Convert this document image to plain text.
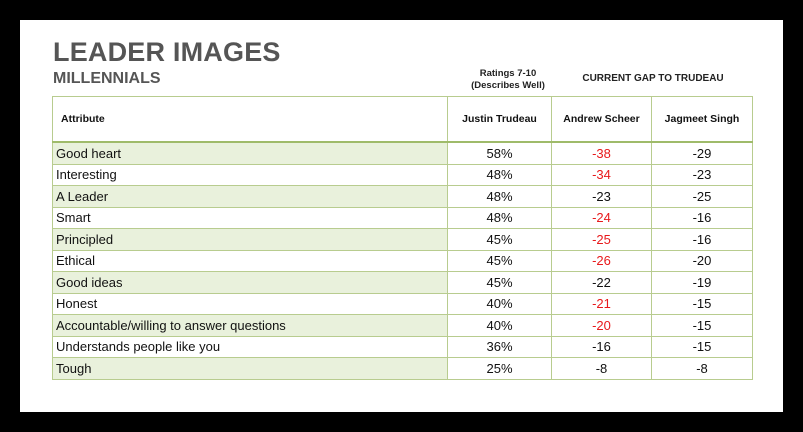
LEADER IMAGES
MILLENNIALS	Ratings 7-10
(Describes Well)
CURRENT GAP TO TRUDEAU
Attribute	Justin Trudeau	Andrew Scheer	Jagmeet Singh
Good heart	58%	-38	-29
Interesting	48%	-34	-23
A Leader	48%	-23	-25
Smart	48%	-24	-16
Principled	45%	-25	-16
Ethical	45%	-26	-20
Good ideas	45%	-22	-19
Honest	40%	-21	-15
Accountable/willing to answer questions	40%	-20	-15
Understands people like you	36%	-16	-15
Tough	25%	-8	-8
